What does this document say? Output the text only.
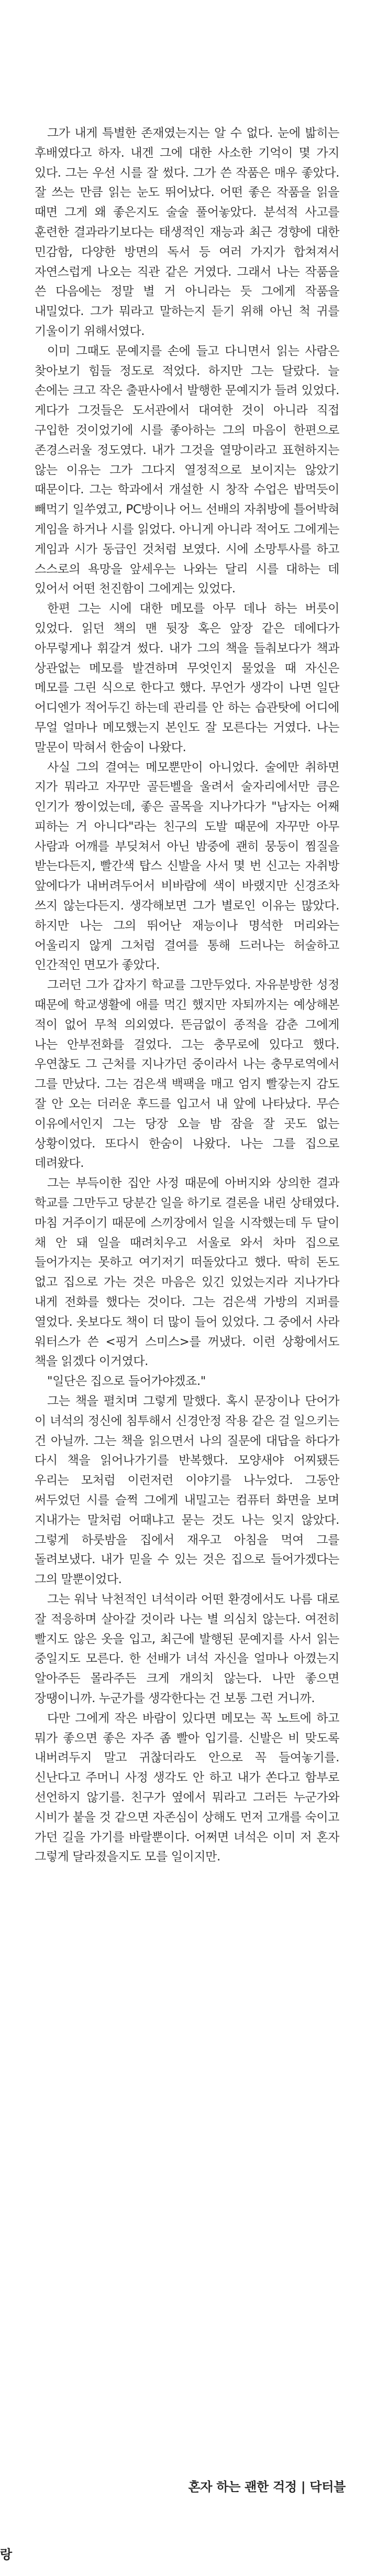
그가 내게 특별한 존재였는지는 알 수 없다. 눈에 밟히는 후배였다고 하자. 내겐 그에 대한 사소한 기억이 몇 가지 있다. 그는 우선 시를 잘 썼다. 그가 쓴 작품은 매우 좋았다. 잘 쓰는 만큼 읽는 눈도 뛰어났다. 어떤 좋은 작품을 읽을 때면 그게 왜 좋은지도 술술 풀어놓았다. 분석적 사고를 훈련한 결과라기보다는 태생적인 재능과 최근 경향에 대한 민감함, 다양한 방면의 독서 등 여러 가지가 합쳐져서 자연스럽게 나오는 직관 같은 거였다. 그래서 나는 작품을 쓴 다음에는 정말 별 거 아니라는 듯 그에게 작품을 내밀었다. 그가 뭐라고 말하는지 듣기 위해 아닌 척 귀를 기울이기 위해서였다.

이미 그때도 문예지를 손에 들고 다니면서 읽는 사람은 찾아보기 힘들 정도로 적었다. 하지만 그는 달랐다. 늘 손에는 크고 작은 출판사에서 발행한 문예지가 들려 있었다. 게다가 그것들은 도서관에서 대여한 것이 아니라 직접 구입한 것이었기에 시를 좋아하는 그의 마음이 한편으로 존경스러울 정도였다. 내가 그것을 열망이라고 표현하지는 않는 이유는 그가 그다지 열정적으로 보이지는 않았기 때문이다. 그는 학과에서 개설한 시 창작 수업은 밥먹듯이 빼먹기 일쑤였고, PC방이나 어느 선배의 자취방에 틀어박혀 게임을 하거나 시를 읽었다. 아니게 아니라 적어도 그에게는 게임과 시가 동급인 것처럼 보였다. 시에 소망투사를 하고 스스로의 욕망을 앞세우는 나와는 달리 시를 대하는 데 있어서 어떤 천진함이 그에게는 있었다.

한편 그는 시에 대한 메모를 아무 데나 하는 버릇이 있었다. 읽던 책의 맨 뒷장 혹은 앞장 같은 데에다가 아무렇게나 휘갈겨 썼다. 내가 그의 책을 들춰보다가 책과 상관없는 메모를 발견하며 무엇인지 물었을 때 자신은 메모를 그린 식으로 한다고 했다. 무언가 생각이 나면 일단 어디엔가 적어두긴 하는데 관리를 안 하는 습관탓에 어디에 무얼 얼마나 메모했는지 본인도 잘 모른다는 거였다. 나는 말문이 막혀서 한숨이 나왔다.

사실 그의 결여는 메모뿐만이 아니었다. 술에만 취하면 지가 뭐라고 자꾸만 골든벨을 울려서 술자리에서만 큼은 인기가 짱이었는데, 좋은 골목을 지나가다가 "남자는 어째 피하는 거 아니다"라는 친구의 도발 때문에 자꾸만 아무 사람과 어깨를 부딪쳐서 아닌 밤중에 괜히 뭉둥이 찜질을 받는다든지, 빨간색 탑스 신발을 사서 몇 번 신고는 자취방 앞에다가 내버려두어서 비바람에 색이 바랬지만 신경조차 쓰지 않는다든지. 생각해보면 그가 별로인 이유는 많았다. 하지만 나는 그의 뛰어난 재능이나 명석한 머리와는 어울리지 않게 그처럼 결여를 통해 드러나는 허술하고 인간적인 면모가 좋았다.

그러던 그가 갑자기 학교를 그만두었다. 자유분방한 성정 때문에 학교생활에 애를 먹긴 했지만 자퇴까지는 예상해본 적이 없어 무척 의외였다. 뜬금없이 종적을 감춘 그에게 나는 안부전화를 걸었다. 그는 충무로에 있다고 했다. 우연찮도 그 근처를 지나가던 중이라서 나는 충무로역에서 그를 만났다. 그는 검은색 백팩을 매고 엄지 빨갛는지 감도 잘 안 오는 더러운 후드를 입고서 내 앞에 나타났다. 무슨 이유에서인지 그는 당장 오늘 밤 잠을 잘 곳도 없는 상황이었다. 또다시 한숨이 나왔다. 나는 그를 집으로 데려왔다.

그는 부득이한 집안 사정 때문에 아버지와 상의한 결과 학교를 그만두고 당분간 일을 하기로 결론을 내린 상태였다. 마침 거주이기 때문에 스끼장에서 일을 시작했는데 두 달이 채 안 돼 일을 때려치우고 서울로 와서 차마 집으로 들어가지는 못하고 여기저기 떠돌았다고 했다. 딱히 돈도 없고 집으로 가는 것은 마음은 있긴 있었는지라 지나가다 내게 전화를 했다는 것이다. 그는 검은색 가방의 지퍼를 열었다. 옷보다도 책이 더 많이 들어 있었다. 그 중에서 사라 워터스가 쓴 <핑거 스미스>를 꺼냈다. 이런 상황에서도 책을 읽겠다 이거였다.

"일단은 집으로 들어가야겠죠."

그는 책을 펼치며 그렇게 말했다. 혹시 문장이나 단어가 이 녀석의 정신에 침투해서 신경안정 작용 같은 걸 일으키는 건 아닐까. 그는 책을 읽으면서 나의 질문에 대답을 하다가 다시 책을 읽어나가기를 반복했다. 모양새야 어찌됐든 우리는 모처럼 이런저런 이야기를 나누었다. 그동안 써두었던 시를 슬쩍 그에게 내밀고는 컴퓨터 화면을 보며 지내가는 말처럼 어때냐고 묻는 것도 나는 잊지 않았다. 그렇게 하룻밤을 집에서 재우고 아침을 먹여 그를 돌려보냈다. 내가 믿을 수 있는 것은 집으로 들어가겠다는 그의 말뿐이었다.

그는 워낙 낙천적인 녀석이라 어떤 환경에서도 나름 대로 잘 적응하며 살아갈 것이라 나는 별 의심치 않는다. 여전히 빨지도 않은 옷을 입고, 최근에 발행된 문예지를 사서 읽는 중일지도 모른다. 한 선배가 녀석 자신을 얼마나 아꼈는지 알아주든 몰라주든 크게 개의치 않는다. 나만 좋으면 장땡이니까. 누군가를 생각한다는 건 보통 그런 거니까.

다만 그에게 작은 바람이 있다면 메모는 꼭 노트에 하고 뭐가 좋으면 좋은 자주 좀 빨아 입기를. 신발은 비 맞도록 내버려두지 말고 귀찮더라도 안으로 꼭 들여놓기를. 신난다고 주머니 사정 생각도 안 하고 내가 쏜다고 함부로 선언하지 않기를. 친구가 옆에서 뭐라고 그러든 누군가와 시비가 붙을 것 같으면 자존심이 상해도 먼저 고개를 숙이고 가던 길을 가기를 바랄뿐이다. 어쩌면 녀석은 이미 저 혼자 그렇게 달라졌을지도 모를 일이지만.

혼자 하는 괜한 걱정 | 닥터블
랑
